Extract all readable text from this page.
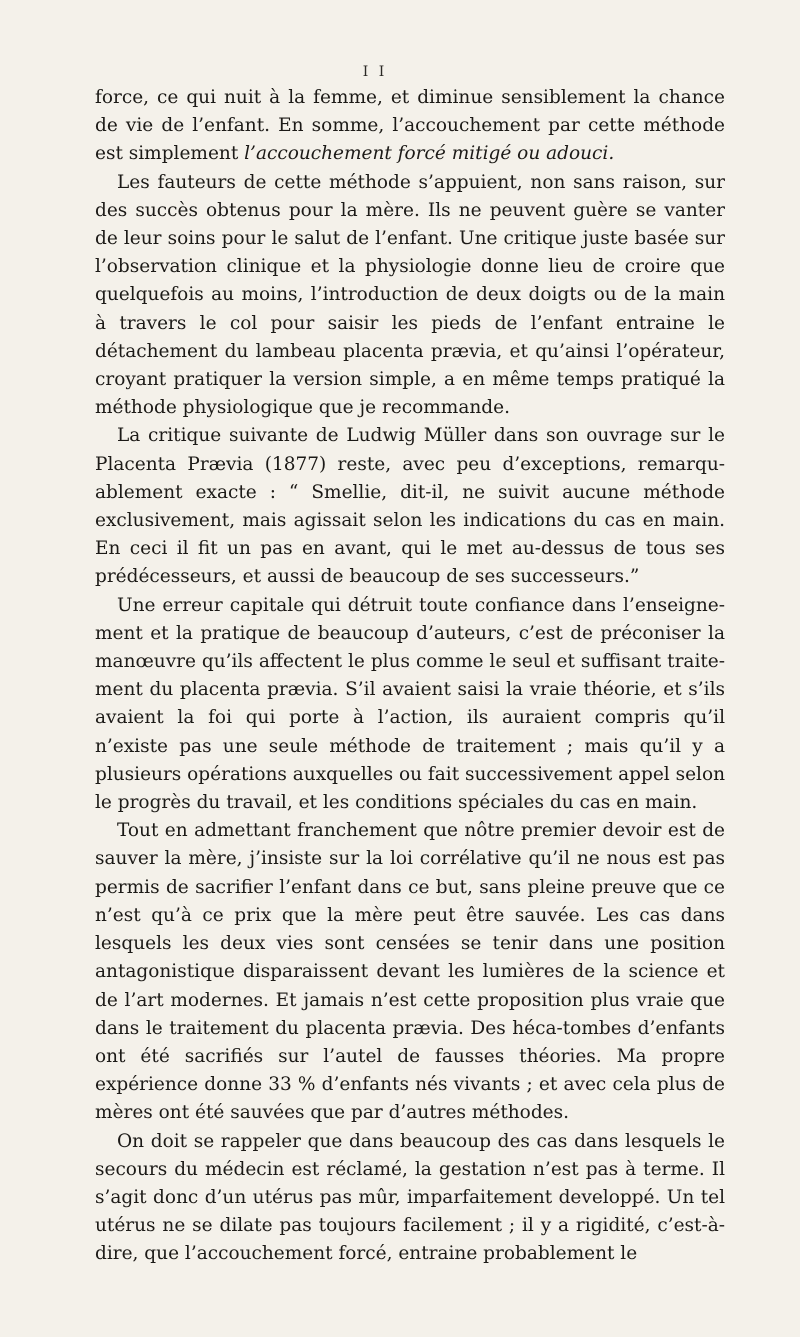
I I

force, ce qui nuit à la femme, et diminue sensiblement la chance de vie de l’enfant. En somme, l’accouchement par cette méthode est simplement l’accouchement forcé mitigé ou adouci.

Les fauteurs de cette méthode s’appuient, non sans raison, sur des succès obtenus pour la mère. Ils ne peuvent guère se vanter de leur soins pour le salut de l’enfant. Une critique juste basée sur l’observation clinique et la physiologie donne lieu de croire que quelquefois au moins, l’introduction de deux doigts ou de la main à travers le col pour saisir les pieds de l’enfant entraine le détachement du lambeau placenta prævia, et qu’ainsi l’opérateur, croyant pratiquer la version simple, a en même temps pratiqué la méthode physiologique que je recommande.

La critique suivante de Ludwig Müller dans son ouvrage sur le Placenta Prævia (1877) reste, avec peu d’exceptions, remarqu-ablement exacte : “ Smellie, dit-il, ne suivit aucune méthode exclusivement, mais agissait selon les indications du cas en main. En ceci il fit un pas en avant, qui le met au-dessus de tous ses prédécesseurs, et aussi de beaucoup de ses successeurs.”

Une erreur capitale qui détruit toute confiance dans l’enseigne-ment et la pratique de beaucoup d’auteurs, c’est de préconiser la manœuvre qu’ils affectent le plus comme le seul et suffisant traite-ment du placenta prævia. S’il avaient saisi la vraie théorie, et s’ils avaient la foi qui porte à l’action, ils auraient compris qu’il n’existe pas une seule méthode de traitement ; mais qu’il y a plusieurs opérations auxquelles ou fait successivement appel selon le progrès du travail, et les conditions spéciales du cas en main.

Tout en admettant franchement que nôtre premier devoir est de sauver la mère, j’insiste sur la loi corrélative qu’il ne nous est pas permis de sacrifier l’enfant dans ce but, sans pleine preuve que ce n’est qu’à ce prix que la mère peut être sauvée. Les cas dans lesquels les deux vies sont censées se tenir dans une position antagonistique disparaissent devant les lumières de la science et de l’art modernes. Et jamais n’est cette proposition plus vraie que dans le traitement du placenta prævia. Des héca-tombes d’enfants ont été sacrifiés sur l’autel de fausses théories. Ma propre expérience donne 33 % d’enfants nés vivants ; et avec cela plus de mères ont été sauvées que par d’autres méthodes.

On doit se rappeler que dans beaucoup des cas dans lesquels le secours du médecin est réclamé, la gestation n’est pas à terme. Il s’agit donc d’un utérus pas mûr, imparfaitement developpé. Un tel utérus ne se dilate pas toujours facilement ; il y a rigidité, c’est-à-dire, que l’accouchement forcé, entraine probablement le
